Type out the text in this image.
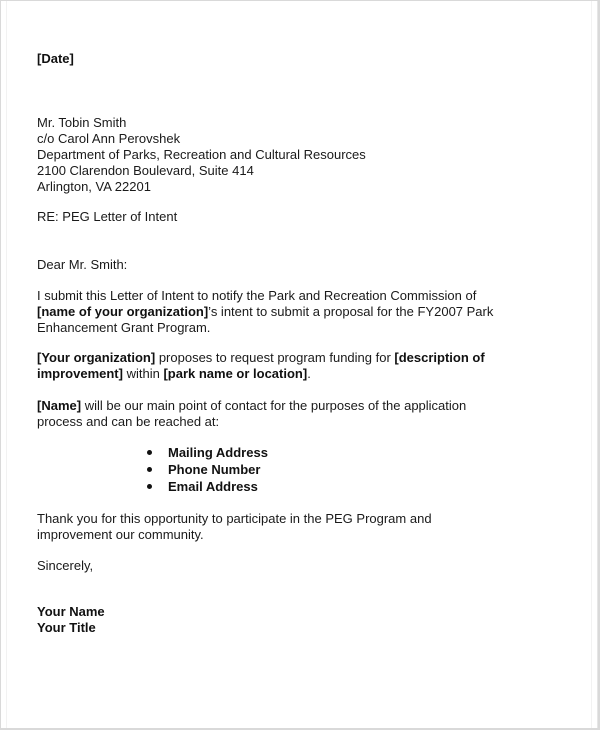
[Date]
Mr. Tobin Smith
c/o Carol Ann Perovshek
Department of Parks, Recreation and Cultural Resources
2100 Clarendon Boulevard, Suite 414
Arlington, VA 22201
RE: PEG Letter of Intent
Dear Mr. Smith:
I submit this Letter of Intent to notify the Park and Recreation Commission of
[name of your organization]’s intent to submit a proposal for the FY2007 Park
Enhancement Grant Program.
[Your organization] proposes to request program funding for [description of
improvement] within [park name or location].
[Name] will be our main point of contact for the purposes of the application
process and can be reached at:
Mailing Address
Phone Number
Email Address
Thank you for this opportunity to participate in the PEG Program and
improvement our community.
Sincerely,
Your Name
Your Title
